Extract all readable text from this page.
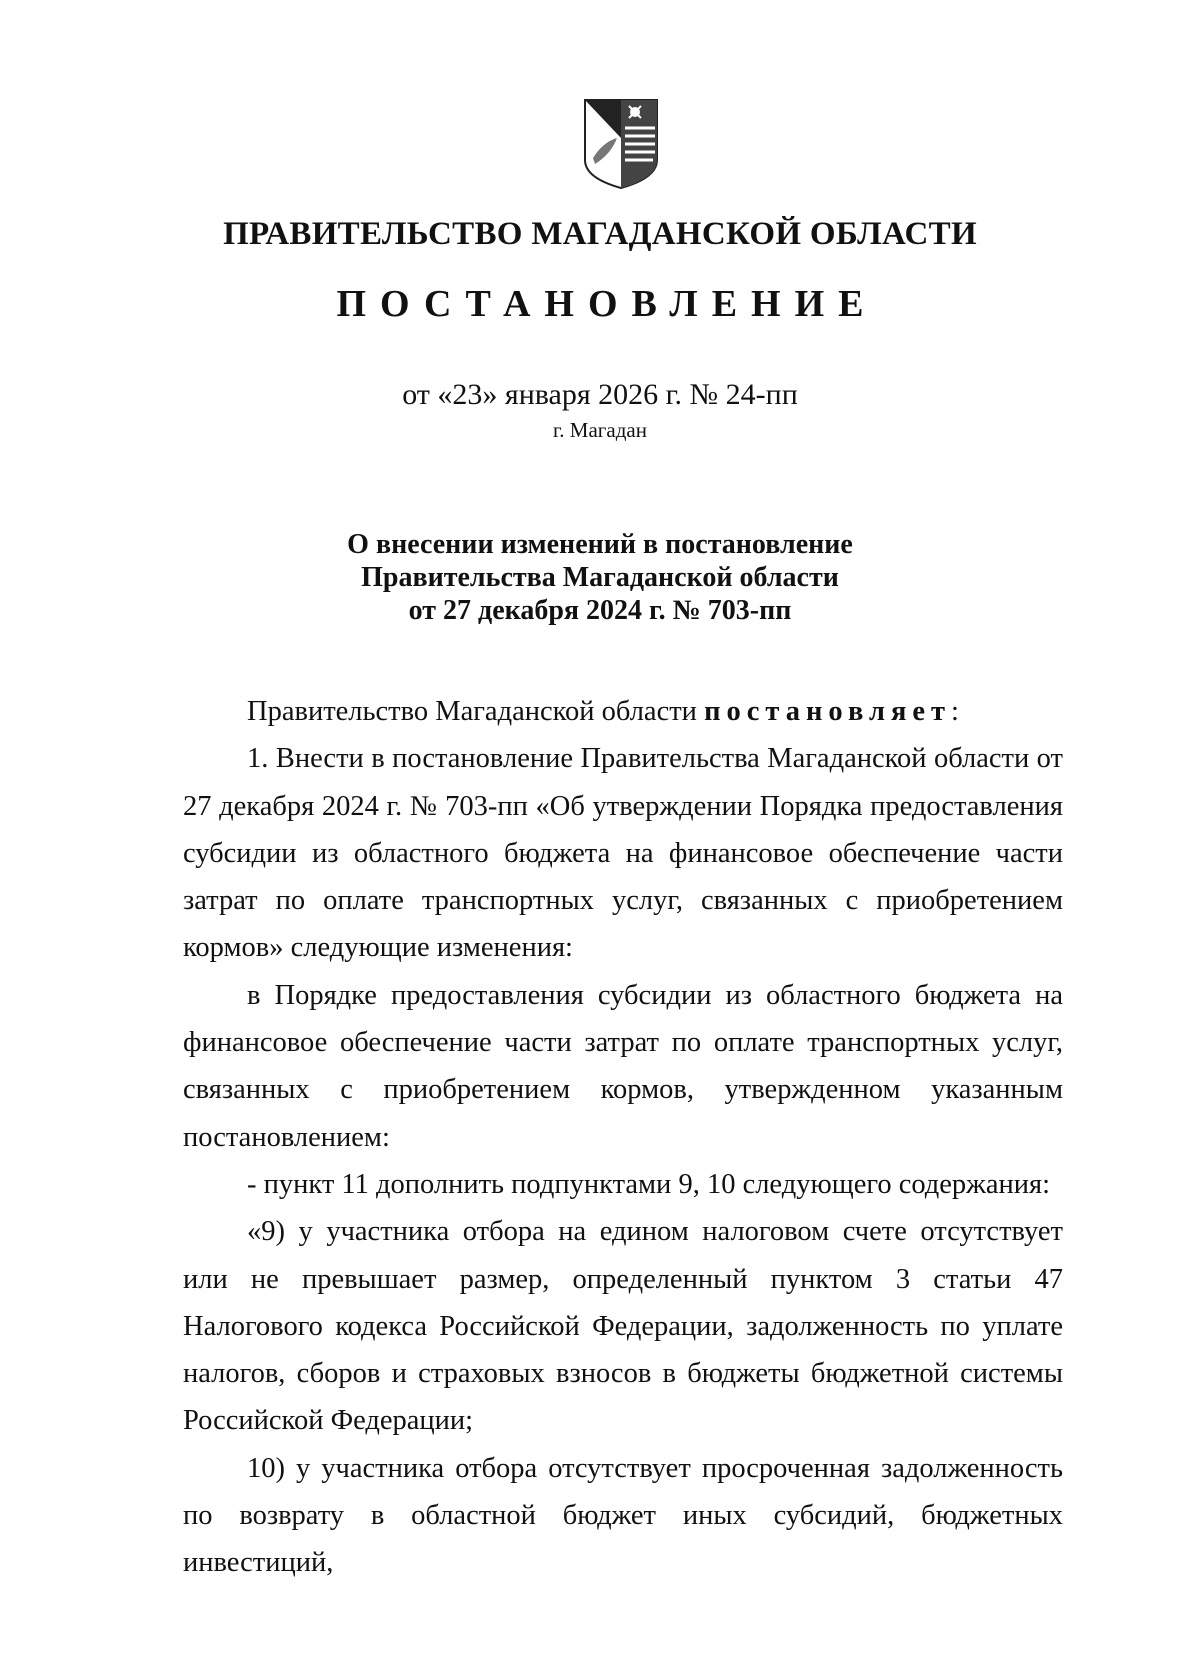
ПРАВИТЕЛЬСТВО МАГАДАНСКОЙ ОБЛАСТИ
ПОСТАНОВЛЕНИЕ
от «23» января 2026 г. № 24-пп
г. Магадан
О внесении изменений в постановление
Правительства Магаданской области
от 27 декабря 2024 г. № 703-пп

Правительство Магаданской области постановляет:

1. Внести в постановление Правительства Магаданской области от 27 декабря 2024 г. № 703-пп «Об утверждении Порядка предоставления субсидии из областного бюджета на финансовое обеспечение части затрат по оплате транспортных услуг, связанных с приобретением кормов» следующие изменения:

в Порядке предоставления субсидии из областного бюджета на финансовое обеспечение части затрат по оплате транспортных услуг, связанных с приобретением кормов, утвержденном указанным постановлением:

- пункт 11 дополнить подпунктами 9, 10 следующего содержания:

«9) у участника отбора на едином налоговом счете отсутствует или не превышает размер, определенный пунктом 3 статьи 47 Налогового кодекса Российской Федерации, задолженность по уплате налогов, сборов и страховых взносов в бюджеты бюджетной системы Российской Федерации;

10) у участника отбора отсутствует просроченная задолженность по возврату в областной бюджет иных субсидий, бюджетных инвестиций,
